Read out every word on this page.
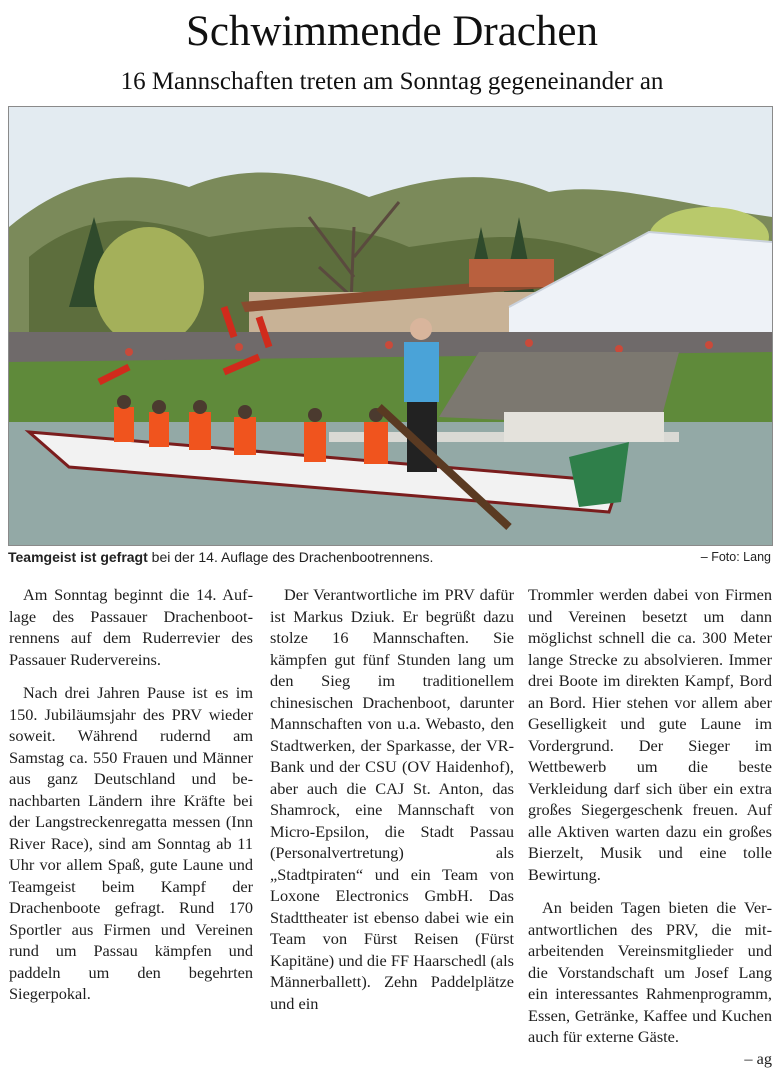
Schwimmende Drachen
16 Mannschaften treten am Sonntag gegeneinander an
Teamgeist ist gefragt bei der 14. Auflage des Drachenbootrennens.	– Foto: Lang

Am Sonntag beginnt die 14. Auflage des Passauer Drachenbootrennens auf dem Ruderrevier des Passauer Rudervereins.

Nach drei Jahren Pause ist es im 150. Jubiläumsjahr des PRV wieder soweit. Während rudernd am Samstag ca. 550 Frauen und Männer aus ganz Deutschland und benachbarten Ländern ihre Kräfte bei der Langstreckenregatta messen (Inn River Race), sind am Sonntag ab 11 Uhr vor allem Spaß, gute Laune und Teamgeist beim Kampf der Drachenboote gefragt. Rund 170 Sportler aus Firmen und Vereinen rund um Passau kämpfen und paddeln um den begehrten Siegerpokal.

Der Verantwortliche im PRV dafür ist Markus Dziuk. Er begrüßt dazu stolze 16 Mannschaften. Sie kämpfen gut fünf Stunden lang um den Sieg im traditionellem chinesischen Drachenboot, darunter Mannschaften von u.a. Webasto, den Stadtwerken, der Sparkasse, der VR-Bank und der CSU (OV Haidenhof), aber auch die CAJ St. Anton, das Shamrock, eine Mannschaft von Micro-Epsilon, die Stadt Passau (Personalvertretung) als „Stadtpiraten“ und ein Team von Loxone Electronics GmbH. Das Stadttheater ist ebenso dabei wie ein Team von Fürst Reisen (Fürst Kapitäne) und die FF Haarschedl (als Männerballett). Zehn Paddelplätze und ein

Trommler werden dabei von Firmen und Vereinen besetzt um dann möglichst schnell die ca. 300 Meter lange Strecke zu absolvieren. Immer drei Boote im direkten Kampf, Bord an Bord. Hier stehen vor allem aber Geselligkeit und gute Laune im Vordergrund. Der Sieger im Wettbewerb um die beste Verkleidung darf sich über ein extra großes Siegergeschenk freuen. Auf alle Aktiven warten dazu ein großes Bierzelt, Musik und eine tolle Bewirtung.

An beiden Tagen bieten die Verantwortlichen des PRV, die mitarbeitenden Vereinsmitglieder und die Vorstandschaft um Josef Lang ein interessantes Rahmenprogramm, Essen, Getränke, Kaffee und Kuchen auch für externe Gäste.

– ag
